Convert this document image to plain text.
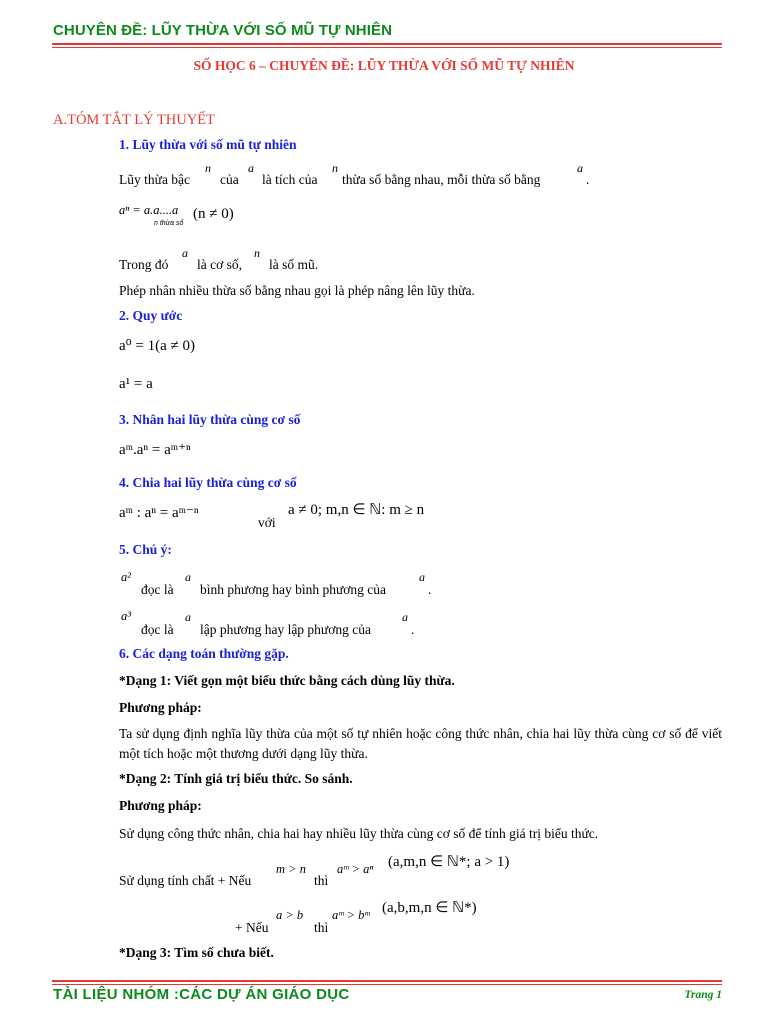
CHUYÊN ĐỀ: LŨY THỪA VỚI SỐ MŨ TỰ NHIÊN
SỐ HỌC 6 – CHUYÊN ĐỀ: LŨY THỪA VỚI SỐ MŨ TỰ NHIÊN
A.TÓM TẮT LÝ THUYẾT
1. Lũy thừa với số mũ tự nhiên
Lũy thừa bậc
n
của
a
là tích của
n
thừa số bằng nhau, mỗi thừa số bằng
a
.
aⁿ = a.a....a
n thừa số
(n ≠ 0)
Trong đó
a
là cơ số,
n
là số mũ.
Phép nhân nhiều thừa số bằng nhau gọi là phép nâng lên lũy thừa.
2. Quy ước
a⁰ = 1(a ≠ 0)
a¹ = a
3. Nhân hai lũy thừa cùng cơ số
aᵐ.aⁿ = aᵐ⁺ⁿ
4. Chia hai lũy thừa cùng cơ số
aᵐ : aⁿ = aᵐ⁻ⁿ
với
a ≠ 0; m,n ∈ ℕ: m ≥ n
5. Chú ý:
a²
đọc là
a
bình phương hay bình phương của
a
.
a³
đọc là
a
lập phương hay lập phương của
a
.
6. Các dạng toán thường gặp.
*Dạng 1: Viết gọn một biểu thức bằng cách dùng lũy thừa.
Phương pháp:
Ta sử dụng định nghĩa lũy thừa của một số tự nhiên hoặc công thức nhân, chia hai lũy thừa cùng cơ số để viết một tích hoặc một thương dưới dạng lũy thừa.
*Dạng 2: Tính giá trị biểu thức. So sánh.
Phương pháp:
Sử dụng công thức nhân, chia hai hay nhiều lũy thừa cùng cơ số để tính giá trị biểu thức.
Sử dụng tính chất + Nếu
m > n
thì
aᵐ > aⁿ (a,m,n ∈ ℕ*; a > 1)
+ Nếu
a > b
thì
aᵐ > bᵐ (a,b,m,n ∈ ℕ*)
*Dạng 3: Tìm số chưa biết.
TÀI LIỆU NHÓM :CÁC DỰ ÁN GIÁO DỤC	Trang 1
